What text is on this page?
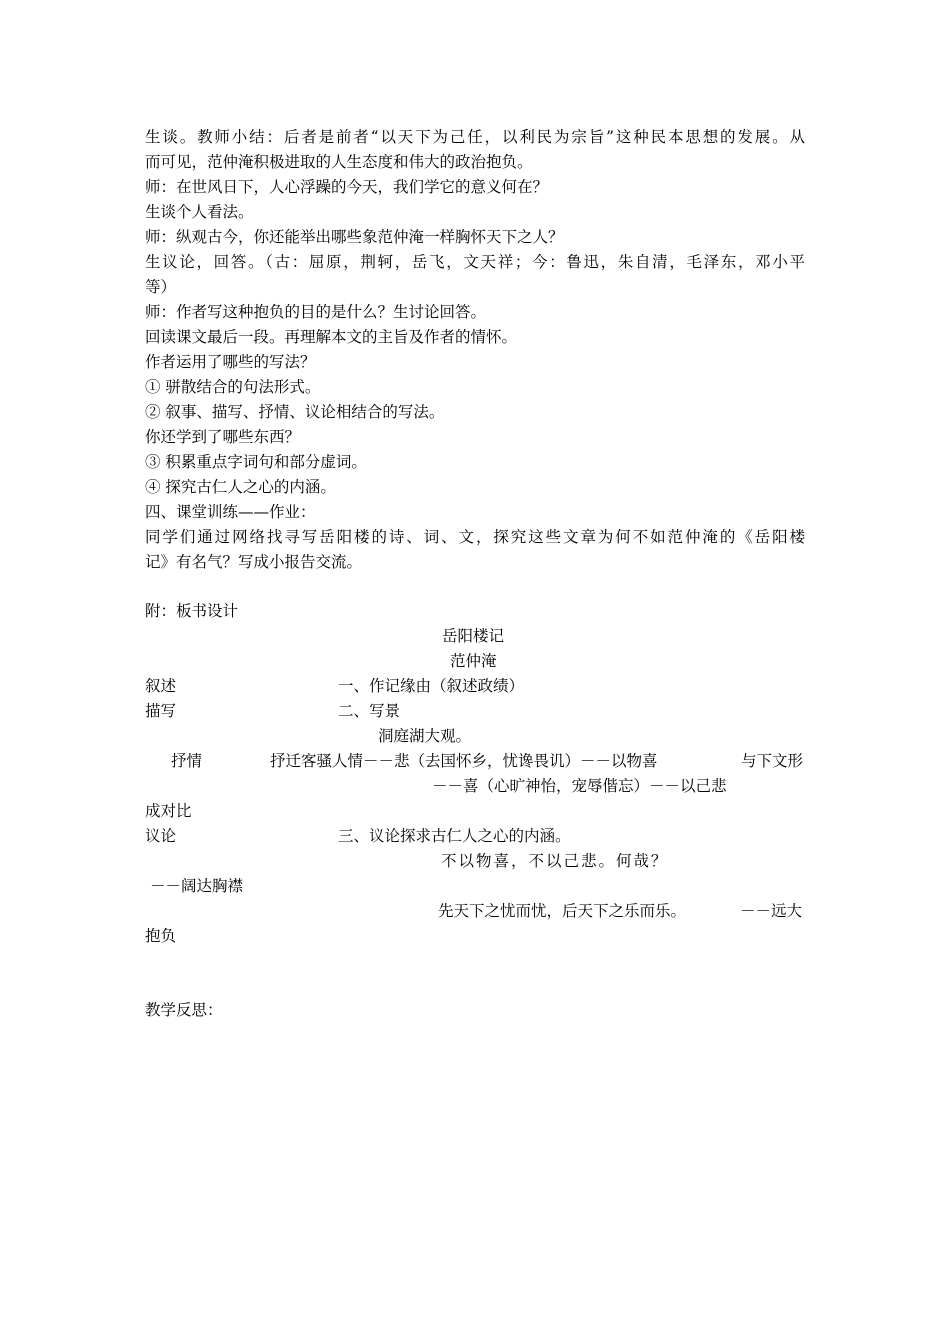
生谈。教师小结：后者是前者“以天下为己任，以利民为宗旨”这种民本思想的发展。从
而可见，范仲淹积极进取的人生态度和伟大的政治抱负。
师：在世风日下，人心浮躁的今天，我们学它的意义何在？
生谈个人看法。
师：纵观古今，你还能举出哪些象范仲淹一样胸怀天下之人？
生议论，回答。（古：屈原，荆轲，岳飞，文天祥；今：鲁迅，朱自清，毛泽东，邓小平
等）
师：作者写这种抱负的目的是什么？生讨论回答。
回读课文最后一段。再理解本文的主旨及作者的情怀。
作者运用了哪些的写法？
① 骈散结合的句法形式。
② 叙事、描写、抒情、议论相结合的写法。
你还学到了哪些东西？
③ 积累重点字词句和部分虚词。
④ 探究古仁人之心的内涵。
四、课堂训练——作业：
同学们通过网络找寻写岳阳楼的诗、词、文，探究这些文章为何不如范仲淹的《岳阳楼
记》有名气？写成小报告交流。
附：板书设计
岳阳楼记
范仲淹
叙述	一、作记缘由（叙述政绩）
描写	二、写景
洞庭湖大观。
抒情	抒迁客骚人情－－悲（去国怀乡，忧谗畏讥）－－以物喜	与下文形
－－喜（心旷神怡，宠辱偕忘）－－以己悲
成对比
议论	三、议论探求古仁人之心的内涵。
不以物喜，不以己悲。何哉？
－－阔达胸襟
先天下之忧而忧，后天下之乐而乐。	－－远大
抱负
教学反思：
